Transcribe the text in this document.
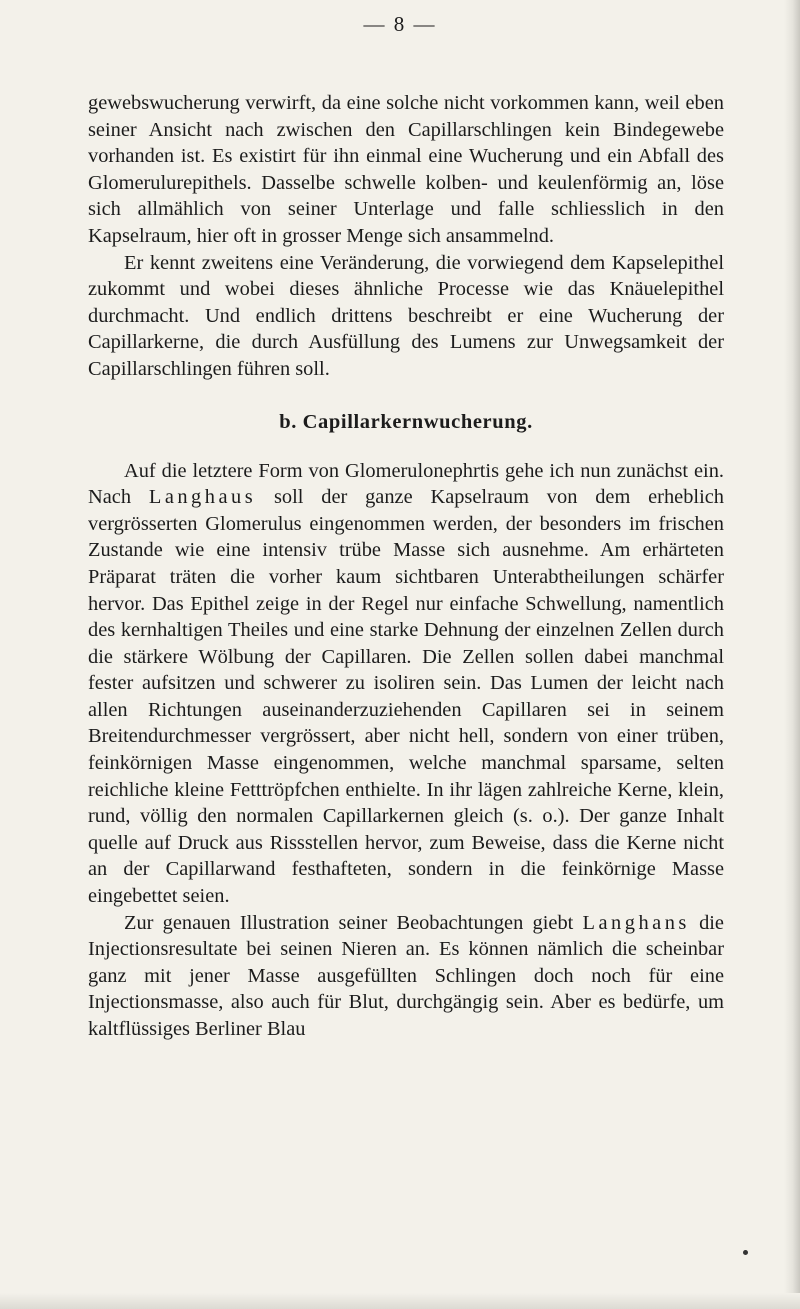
— 8 —

gewebswucherung verwirft, da eine solche nicht vorkommen kann, weil eben seiner Ansicht nach zwischen den Capillarschlingen kein Bindegewebe vorhanden ist. Es existirt für ihn einmal eine Wucherung und ein Abfall des Glomerulurepithels. Dasselbe schwelle kolben- und keulenförmig an, löse sich allmählich von seiner Unterlage und falle schliesslich in den Kapselraum, hier oft in grosser Menge sich ansammelnd.

Er kennt zweitens eine Veränderung, die vorwiegend dem Kapselepithel zukommt und wobei dieses ähnliche Processe wie das Knäuelepithel durchmacht. Und endlich drittens beschreibt er eine Wucherung der Capillarkerne, die durch Ausfüllung des Lumens zur Unwegsamkeit der Capillarschlingen führen soll.

b. Capillarkernwucherung.

Auf die letztere Form von Glomerulonephrtis gehe ich nun zunächst ein. Nach Langhaus soll der ganze Kapselraum von dem erheblich vergrösserten Glomerulus eingenommen werden, der besonders im frischen Zustande wie eine intensiv trübe Masse sich ausnehme. Am erhärteten Präparat träten die vorher kaum sichtbaren Unterabtheilungen schärfer hervor. Das Epithel zeige in der Regel nur einfache Schwellung, namentlich des kernhaltigen Theiles und eine starke Dehnung der einzelnen Zellen durch die stärkere Wölbung der Capillaren. Die Zellen sollen dabei manchmal fester aufsitzen und schwerer zu isoliren sein. Das Lumen der leicht nach allen Richtungen auseinanderzuziehenden Capillaren sei in seinem Breitendurchmesser vergrössert, aber nicht hell, sondern von einer trüben, feinkörnigen Masse eingenommen, welche manchmal sparsame, selten reichliche kleine Fetttröpfchen enthielte. In ihr lägen zahlreiche Kerne, klein, rund, völlig den normalen Capillarkernen gleich (s. o.). Der ganze Inhalt quelle auf Druck aus Rissstellen hervor, zum Beweise, dass die Kerne nicht an der Capillarwand festhafteten, sondern in die feinkörnige Masse eingebettet seien.

Zur genauen Illustration seiner Beobachtungen giebt Langhans die Injectionsresultate bei seinen Nieren an. Es können nämlich die scheinbar ganz mit jener Masse ausgefüllten Schlingen doch noch für eine Injectionsmasse, also auch für Blut, durchgängig sein. Aber es bedürfe, um kaltflüssiges Berliner Blau
